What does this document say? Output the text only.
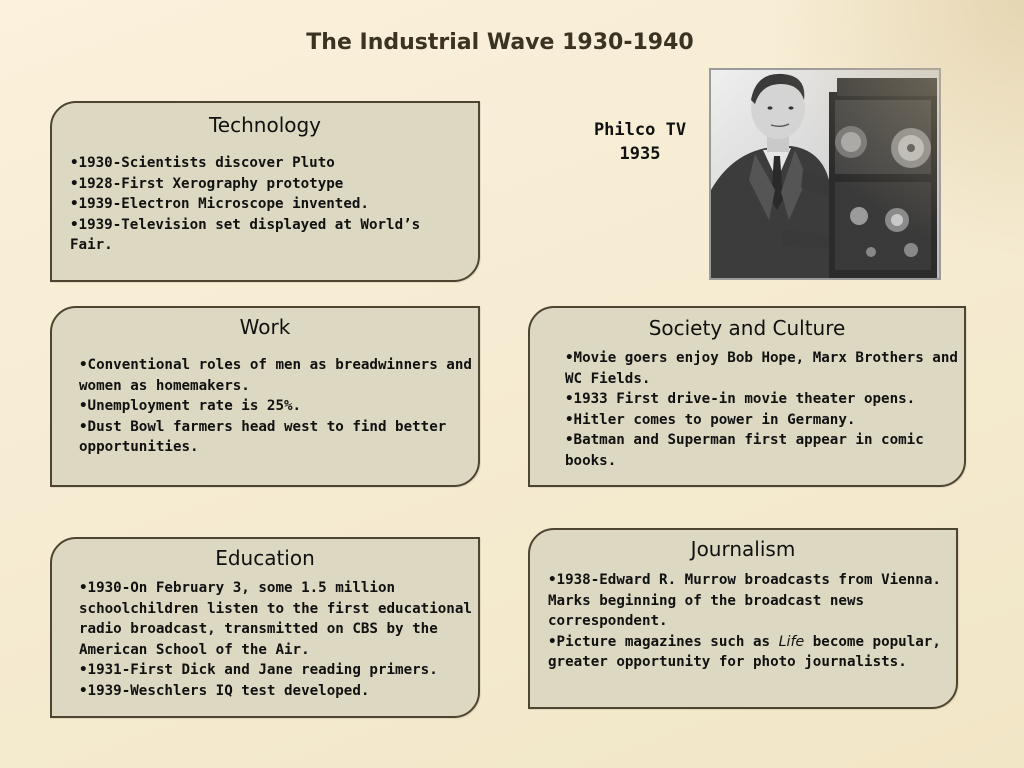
The Industrial Wave 1930-1940
Technology
• 1930-Scientists discover Pluto
• 1928-First Xerography prototype
• 1939-Electron Microscope invented.
• 1939-Television set displayed at World’s Fair.
Philco TV
1935
Work
• Conventional roles of men as breadwinners and women as homemakers.
• Unemployment rate is 25%.
• Dust Bowl farmers head west to find better opportunities.
Society and Culture
• Movie goers enjoy Bob Hope, Marx Brothers and WC Fields.
• 1933 First drive-in movie theater opens.
• Hitler comes to power in Germany.
• Batman and Superman first appear in comic books.
Education
• 1930-On February 3, some 1.5 million schoolchildren listen to the first educational radio broadcast, transmitted on CBS by the American School of the Air.
• 1931-First Dick and Jane reading primers.
• 1939-Weschlers IQ test developed.
Journalism
• 1938-Edward R. Murrow broadcasts from Vienna. Marks beginning of the broadcast news correspondent.
• Picture magazines such as Life become popular, greater opportunity for photo journalists.
